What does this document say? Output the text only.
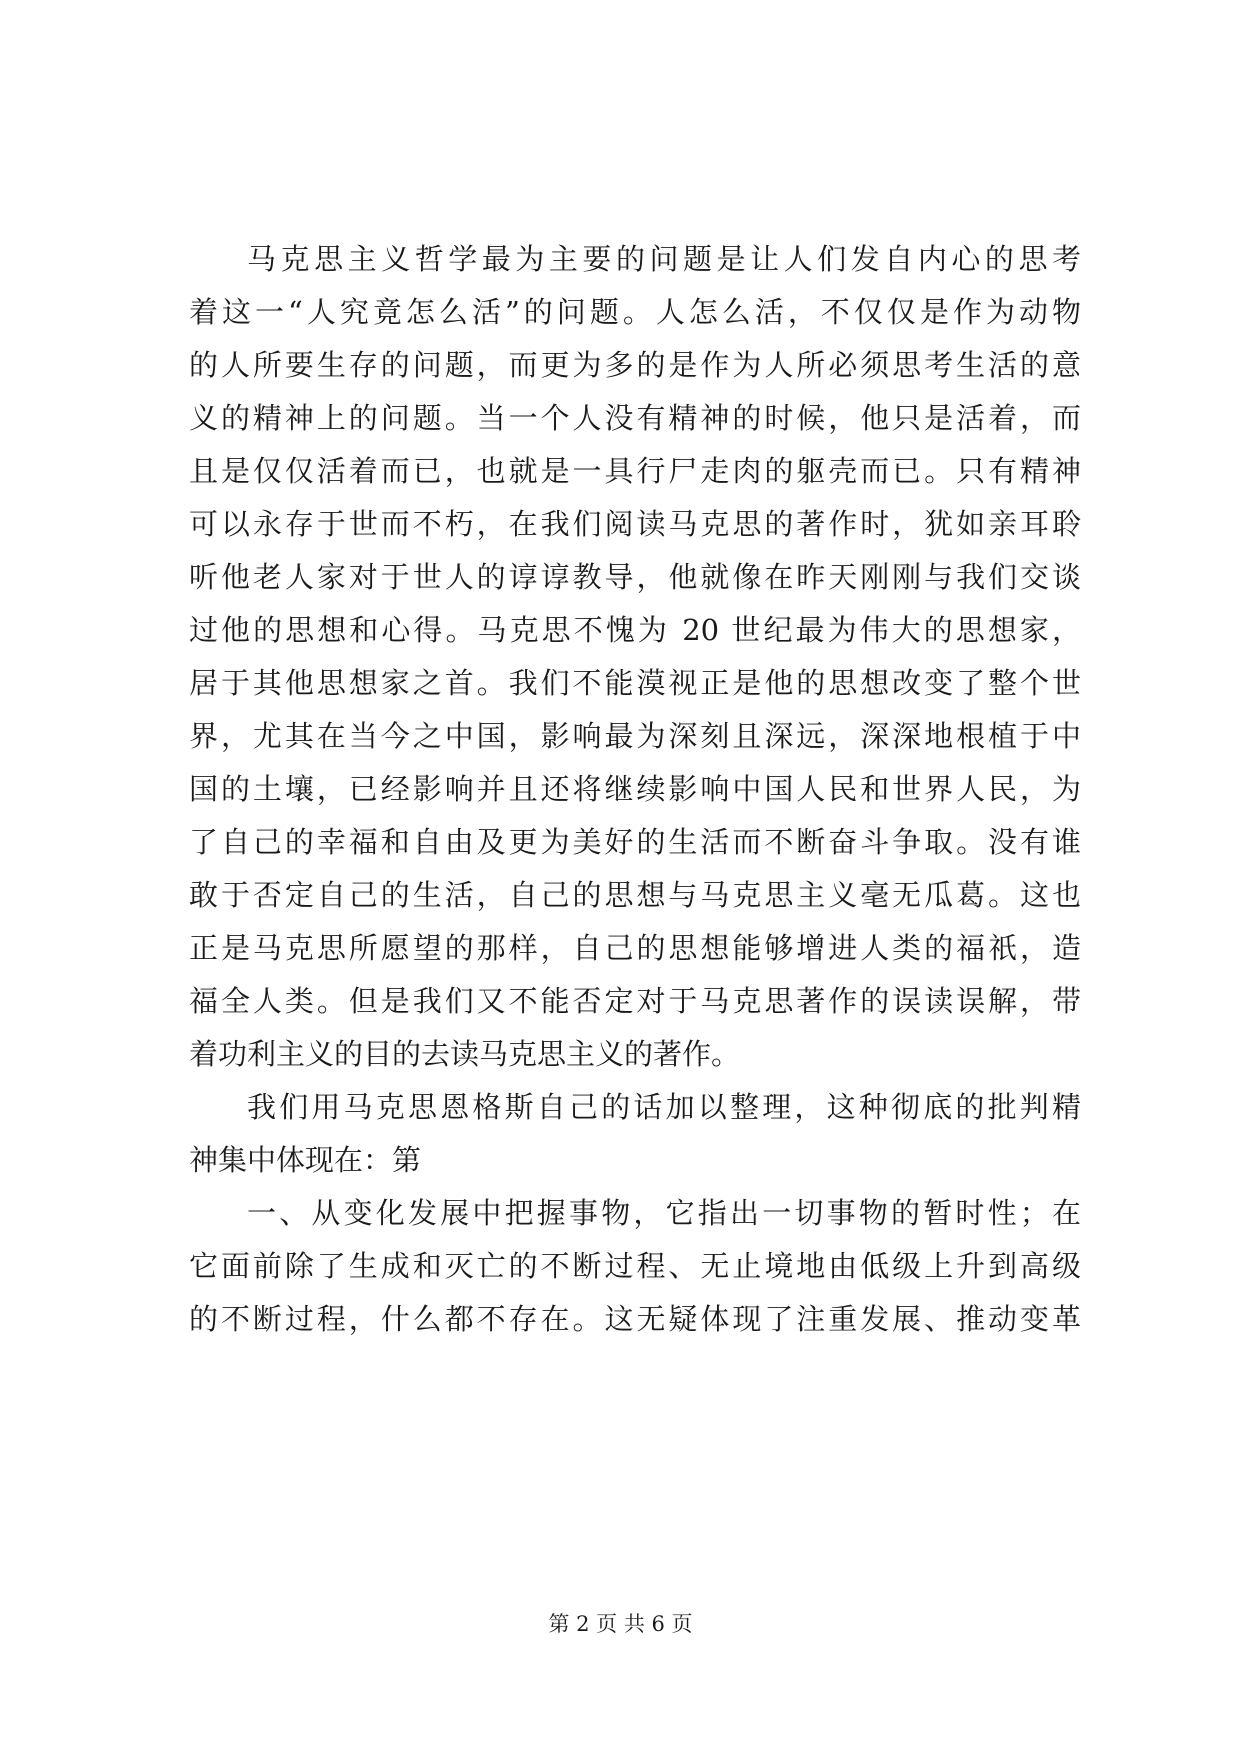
马克思主义哲学最为主要的问题是让人们发自内心的思考
着这一“人究竟怎么活”的问题。人怎么活，不仅仅是作为动物
的人所要生存的问题，而更为多的是作为人所必须思考生活的意
义的精神上的问题。当一个人没有精神的时候，他只是活着，而
且是仅仅活着而已，也就是一具行尸走肉的躯壳而已。只有精神
可以永存于世而不朽，在我们阅读马克思的著作时，犹如亲耳聆
听他老人家对于世人的谆谆教导，他就像在昨天刚刚与我们交谈
过他的思想和心得。马克思不愧为 20 世纪最为伟大的思想家，
居于其他思想家之首。我们不能漠视正是他的思想改变了整个世
界，尤其在当今之中国，影响最为深刻且深远，深深地根植于中
国的土壤，已经影响并且还将继续影响中国人民和世界人民，为
了自己的幸福和自由及更为美好的生活而不断奋斗争取。没有谁
敢于否定自己的生活，自己的思想与马克思主义毫无瓜葛。这也
正是马克思所愿望的那样，自己的思想能够增进人类的福祇，造
福全人类。但是我们又不能否定对于马克思著作的误读误解，带
着功利主义的目的去读马克思主义的著作。
我们用马克思恩格斯自己的话加以整理，这种彻底的批判精
神集中体现在：第
一、从变化发展中把握事物，它指出一切事物的暂时性；在
它面前除了生成和灭亡的不断过程、无止境地由低级上升到高级
的不断过程，什么都不存在。这无疑体现了注重发展、推动变革
第 2 页 共 6 页
